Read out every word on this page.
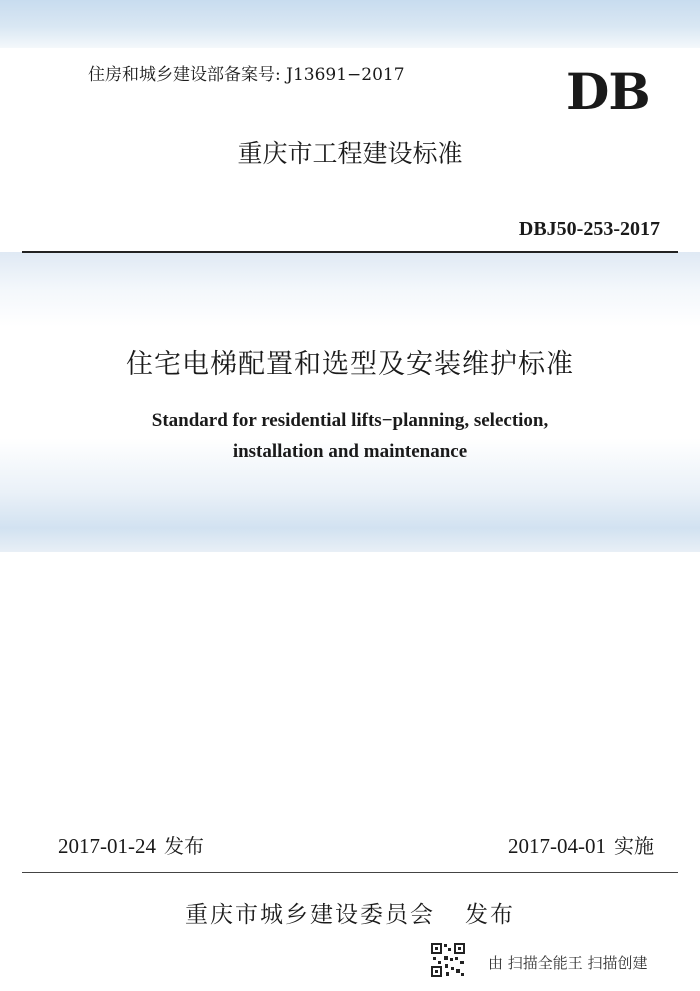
住房和城乡建设部备案号: J13691−2017	DB

重庆市工程建设标准

DBJ50-253-2017

住宅电梯配置和选型及安装维护标准
Standard for residential lifts−planning, selection,
installation and maintenance
2017-01-24 发布	2017-04-01 实施
重庆市城乡建设委员会 发布

由 扫描全能王 扫描创建
